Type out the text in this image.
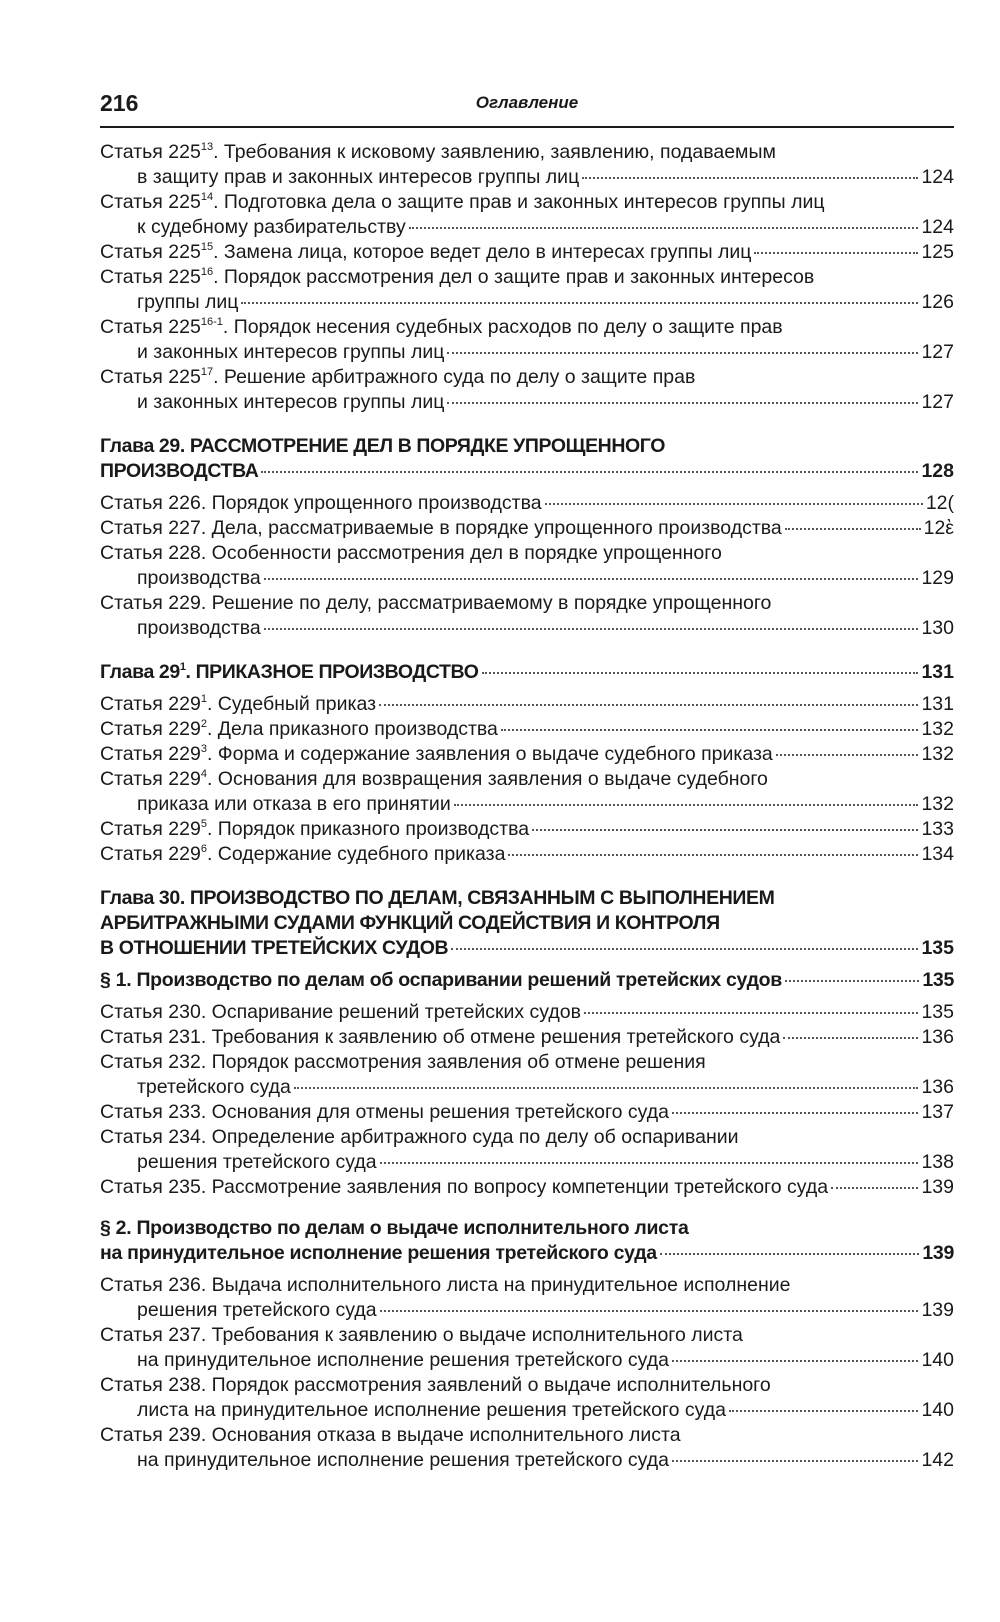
216	Оглавление
Статья $225^{13}$. Требования к исковому заявлению, заявлению, подаваемым
в защиту прав и законных интересов группы лиц	124
Статья $225^{14}$. Подготовка дела о защите прав и законных интересов группы лиц
к судебному разбирательству	124
Статья $225^{15}$. Замена лица, которое ведет дело в интересах группы лиц	125
Статья $225^{16}$. Порядок рассмотрения дел о защите прав и законных интересов
группы лиц	126
Статья 225$^{16-1}$. Порядок несения судебных расходов по делу о защите прав
и законных интересов группы лиц	127
Статья $225^{17}$. Решение арбитражного суда по делу о защите прав
и законных интересов группы лиц	127
Глава 29. РАССМОТРЕНИЕ ДЕЛ В ПОРЯДКЕ УПРОЩЕННОГО
ПРОИЗВОДСТВА	128
Статья 226. Порядок упрощенного производства	12(
Статья 227. Дела, рассматриваемые в порядке упрощенного производства	12ὲ
Статья 228. Особенности рассмотрения дел в порядке упрощенного
производства	129
Статья 229. Решение по делу, рассматриваемому в порядке упрощенного
производства	130
Глава $29^1$. ПРИКАЗНОЕ ПРОИЗВОДСТВО	131
Статья $229^1$. Судебный приказ	131
Статья $229^2$. Дела приказного производства	132
Статья $229^3$. Форма и содержание заявления о выдаче судебного приказа	132
Статья $229^4$. Основания для возвращения заявления о выдаче судебного
приказа или отказа в его принятии	132
Статья $229^5$. Порядок приказного производства	133
Статья $229^6$. Содержание судебного приказа	134
Глава 30. ПРОИЗВОДСТВО ПО ДЕЛАМ, СВЯЗАННЫМ С ВЫПОЛНЕНИЕМ
АРБИТРАЖНЫМИ СУДАМИ ФУНКЦИЙ СОДЕЙСТВИЯ И КОНТРОЛЯ
В ОТНОШЕНИИ ТРЕТЕЙСКИХ СУДОВ	135
§ 1. Производство по делам об оспаривании решений третейских судов	135
Статья 230. Оспаривание решений третейских судов	135
Статья 231. Требования к заявлению об отмене решения третейского суда	136
Статья 232. Порядок рассмотрения заявления об отмене решения
третейского суда	136
Статья 233. Основания для отмены решения третейского суда	137
Статья 234. Определение арбитражного суда по делу об оспаривании
решения третейского суда	138
Статья 235. Рассмотрение заявления по вопросу компетенции третейского суда	139
§ 2. Производство по делам о выдаче исполнительного листа
на принудительное исполнение решения третейского суда	139
Статья 236. Выдача исполнительного листа на принудительное исполнение
решения третейского суда	139
Статья 237. Требования к заявлению о выдаче исполнительного листа
на принудительное исполнение решения третейского суда	140
Статья 238. Порядок рассмотрения заявлений о выдаче исполнительного
листа на принудительное исполнение решения третейского суда	140
Статья 239. Основания отказа в выдаче исполнительного листа
на принудительное исполнение решения третейского суда	142
